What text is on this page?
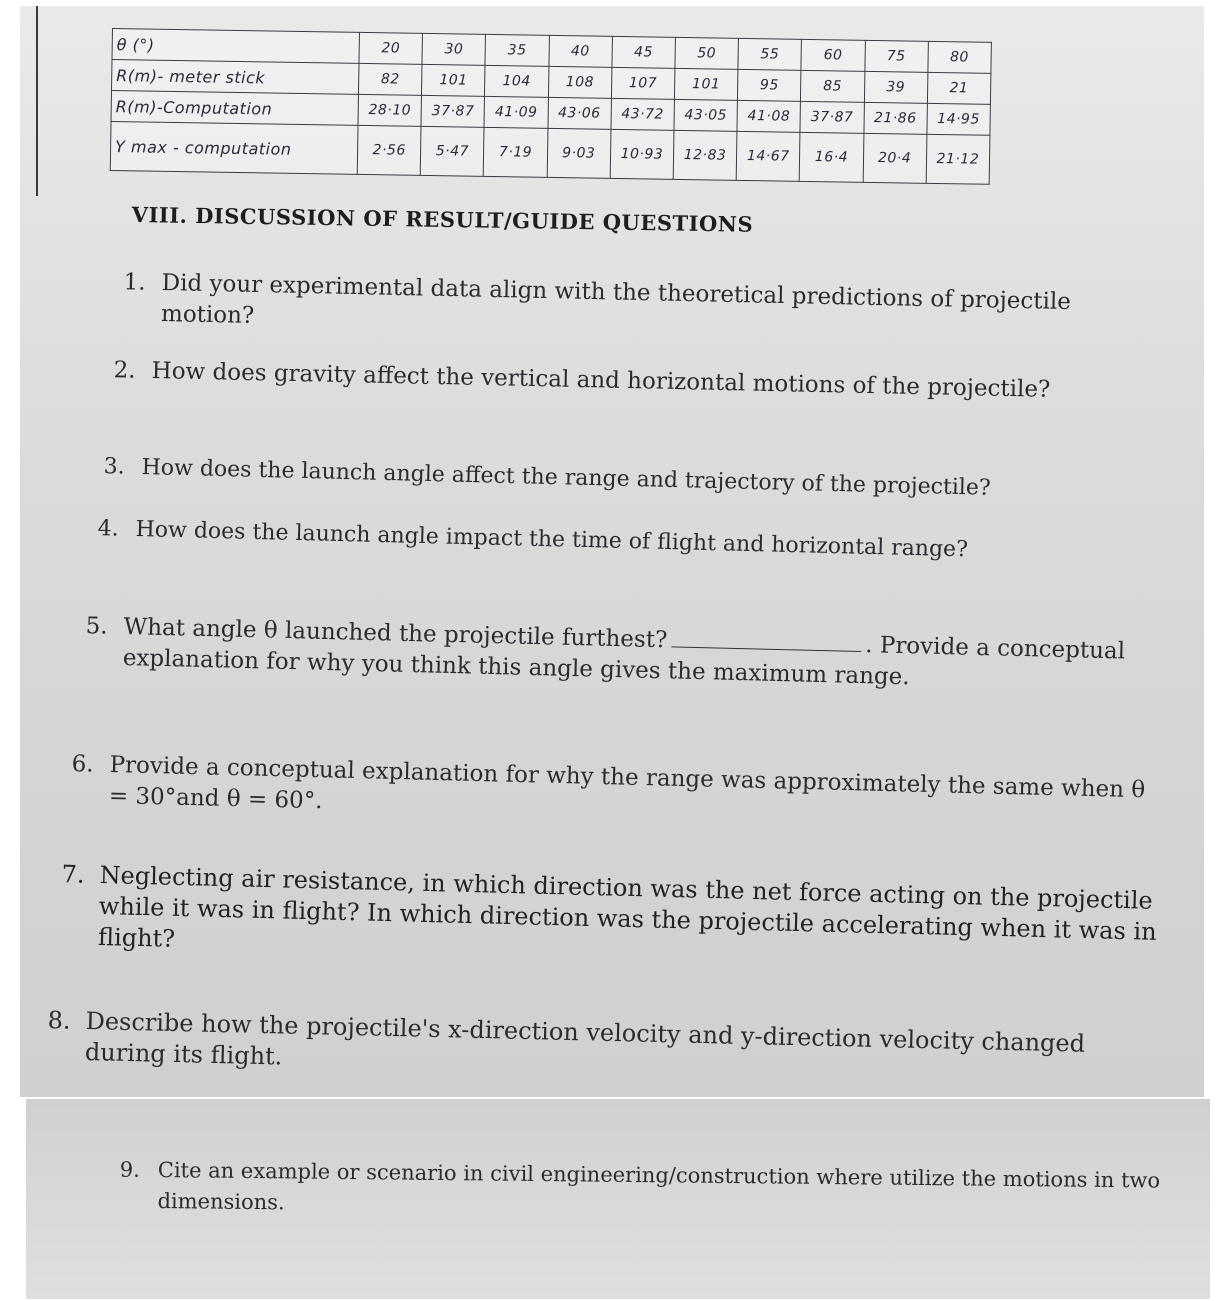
θ (°)	20	30	35	40	45	50	55	60	75	80
R(m)- meter stick	82	101	104	108	107	101	95	85	39	21
R(m)-Computation	28·10	37·87	41·09	43·06	43·72	43·05	41·08	37·87	21·86	14·95
Y max - computation	2·56	5·47	7·19	9·03	10·93	12·83	14·67	16·4	20·4	21·12
VIII. DISCUSSION OF RESULT/GUIDE QUESTIONS
1. Did your experimental data align with the theoretical predictions of projectile motion?
2. How does gravity affect the vertical and horizontal motions of the projectile?
3. How does the launch angle affect the range and trajectory of the projectile?
4. How does the launch angle impact the time of flight and horizontal range?
5. What angle θ launched the projectile furthest?	. Provide a conceptual explanation for why you think this angle gives the maximum range.
6. Provide a conceptual explanation for why the range was approximately the same when θ = 30°and θ = 60°.
7. Neglecting air resistance, in which direction was the net force acting on the projectile while it was in flight? In which direction was the projectile accelerating when it was in flight?
8. Describe how the projectile's x-direction velocity and y-direction velocity changed during its flight.
9. Cite an example or scenario in civil engineering/construction where utilize the motions in two dimensions.
